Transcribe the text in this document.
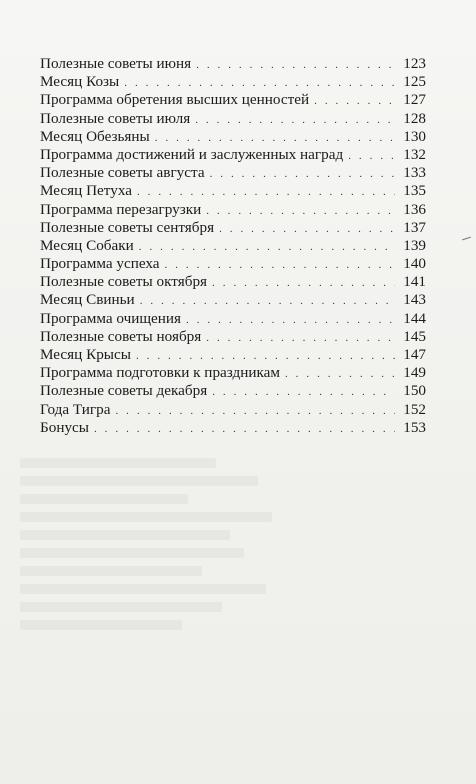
Полезные советы июня . . .	123
Месяц Козы . . .	125
Программа обретения высших ценностей . . .	127
Полезные советы июля . . .	128
Месяц Обезьяны . . .	130
Программа достижений и заслуженных наград . . .	132
Полезные советы августа . . .	133
Месяц Петуха . . .	135
Программа перезагрузки . . .	136
Полезные советы сентября . . .	137
Месяц Собаки . . .	139
Программа успеха . . .	140
Полезные советы октября . . .	141
Месяц Свиньи . . .	143
Программа очищения . . .	144
Полезные советы ноября . . .	145
Месяц Крысы . . .	147
Программа подготовки к праздникам . . .	149
Полезные советы декабря . . .	150
Года Тигра . . .	152
Бонусы . . .	153
